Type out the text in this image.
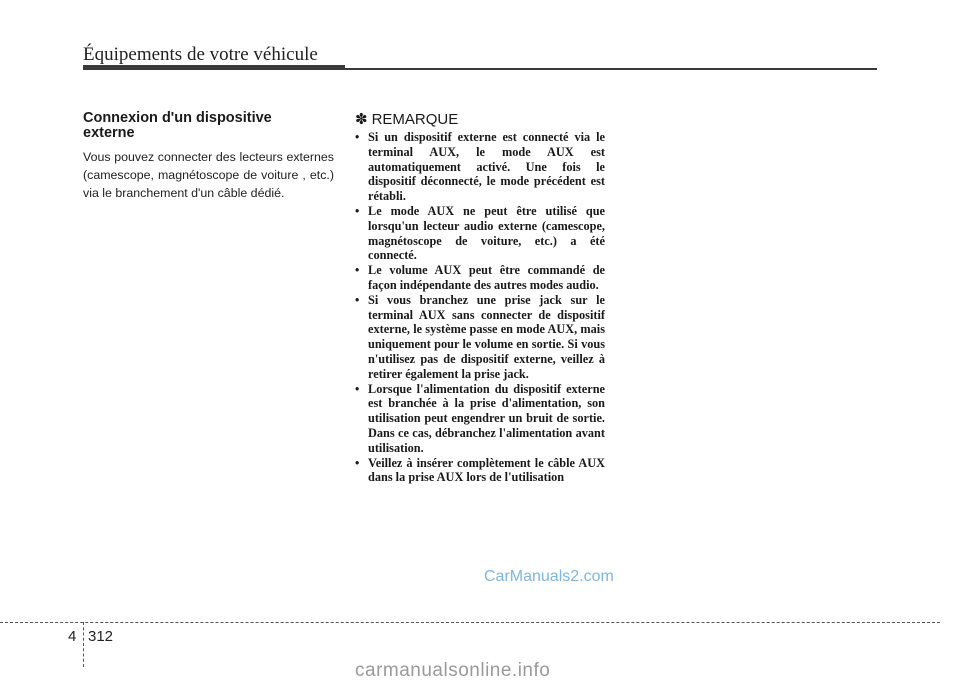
Équipements de votre véhicule
Connexion d'un dispositive externe
Vous pouvez connecter des lecteurs externes (camescope, magnétoscope de voiture , etc.) via le branchement d'un câble dédié.
✽ REMARQUE
• Si un dispositif externe est connecté via le terminal AUX, le mode AUX est automatiquement activé. Une fois le dispositif déconnecté, le mode précédent est rétabli.
• Le mode AUX ne peut être utilisé que lorsqu'un lecteur audio externe (camescope, magnétoscope de voiture, etc.) a été connecté.
• Le volume AUX peut être commandé de façon indépendante des autres modes audio.
• Si vous branchez une prise jack sur le terminal AUX sans connecter de dispositif externe, le système passe en mode AUX, mais uniquement pour le volume en sortie. Si vous n'utilisez pas de dispositif externe, veillez à retirer également la prise jack.
• Lorsque l'alimentation du dispositif externe est branchée à la prise d'alimentation, son utilisation peut engendrer un bruit de sortie. Dans ce cas, débranchez l'alimentation avant utilisation.
• Veillez à insérer complètement le câble AUX dans la prise AUX lors de l'utilisation
CarManuals2.com
4 312
carmanualsonline.info
